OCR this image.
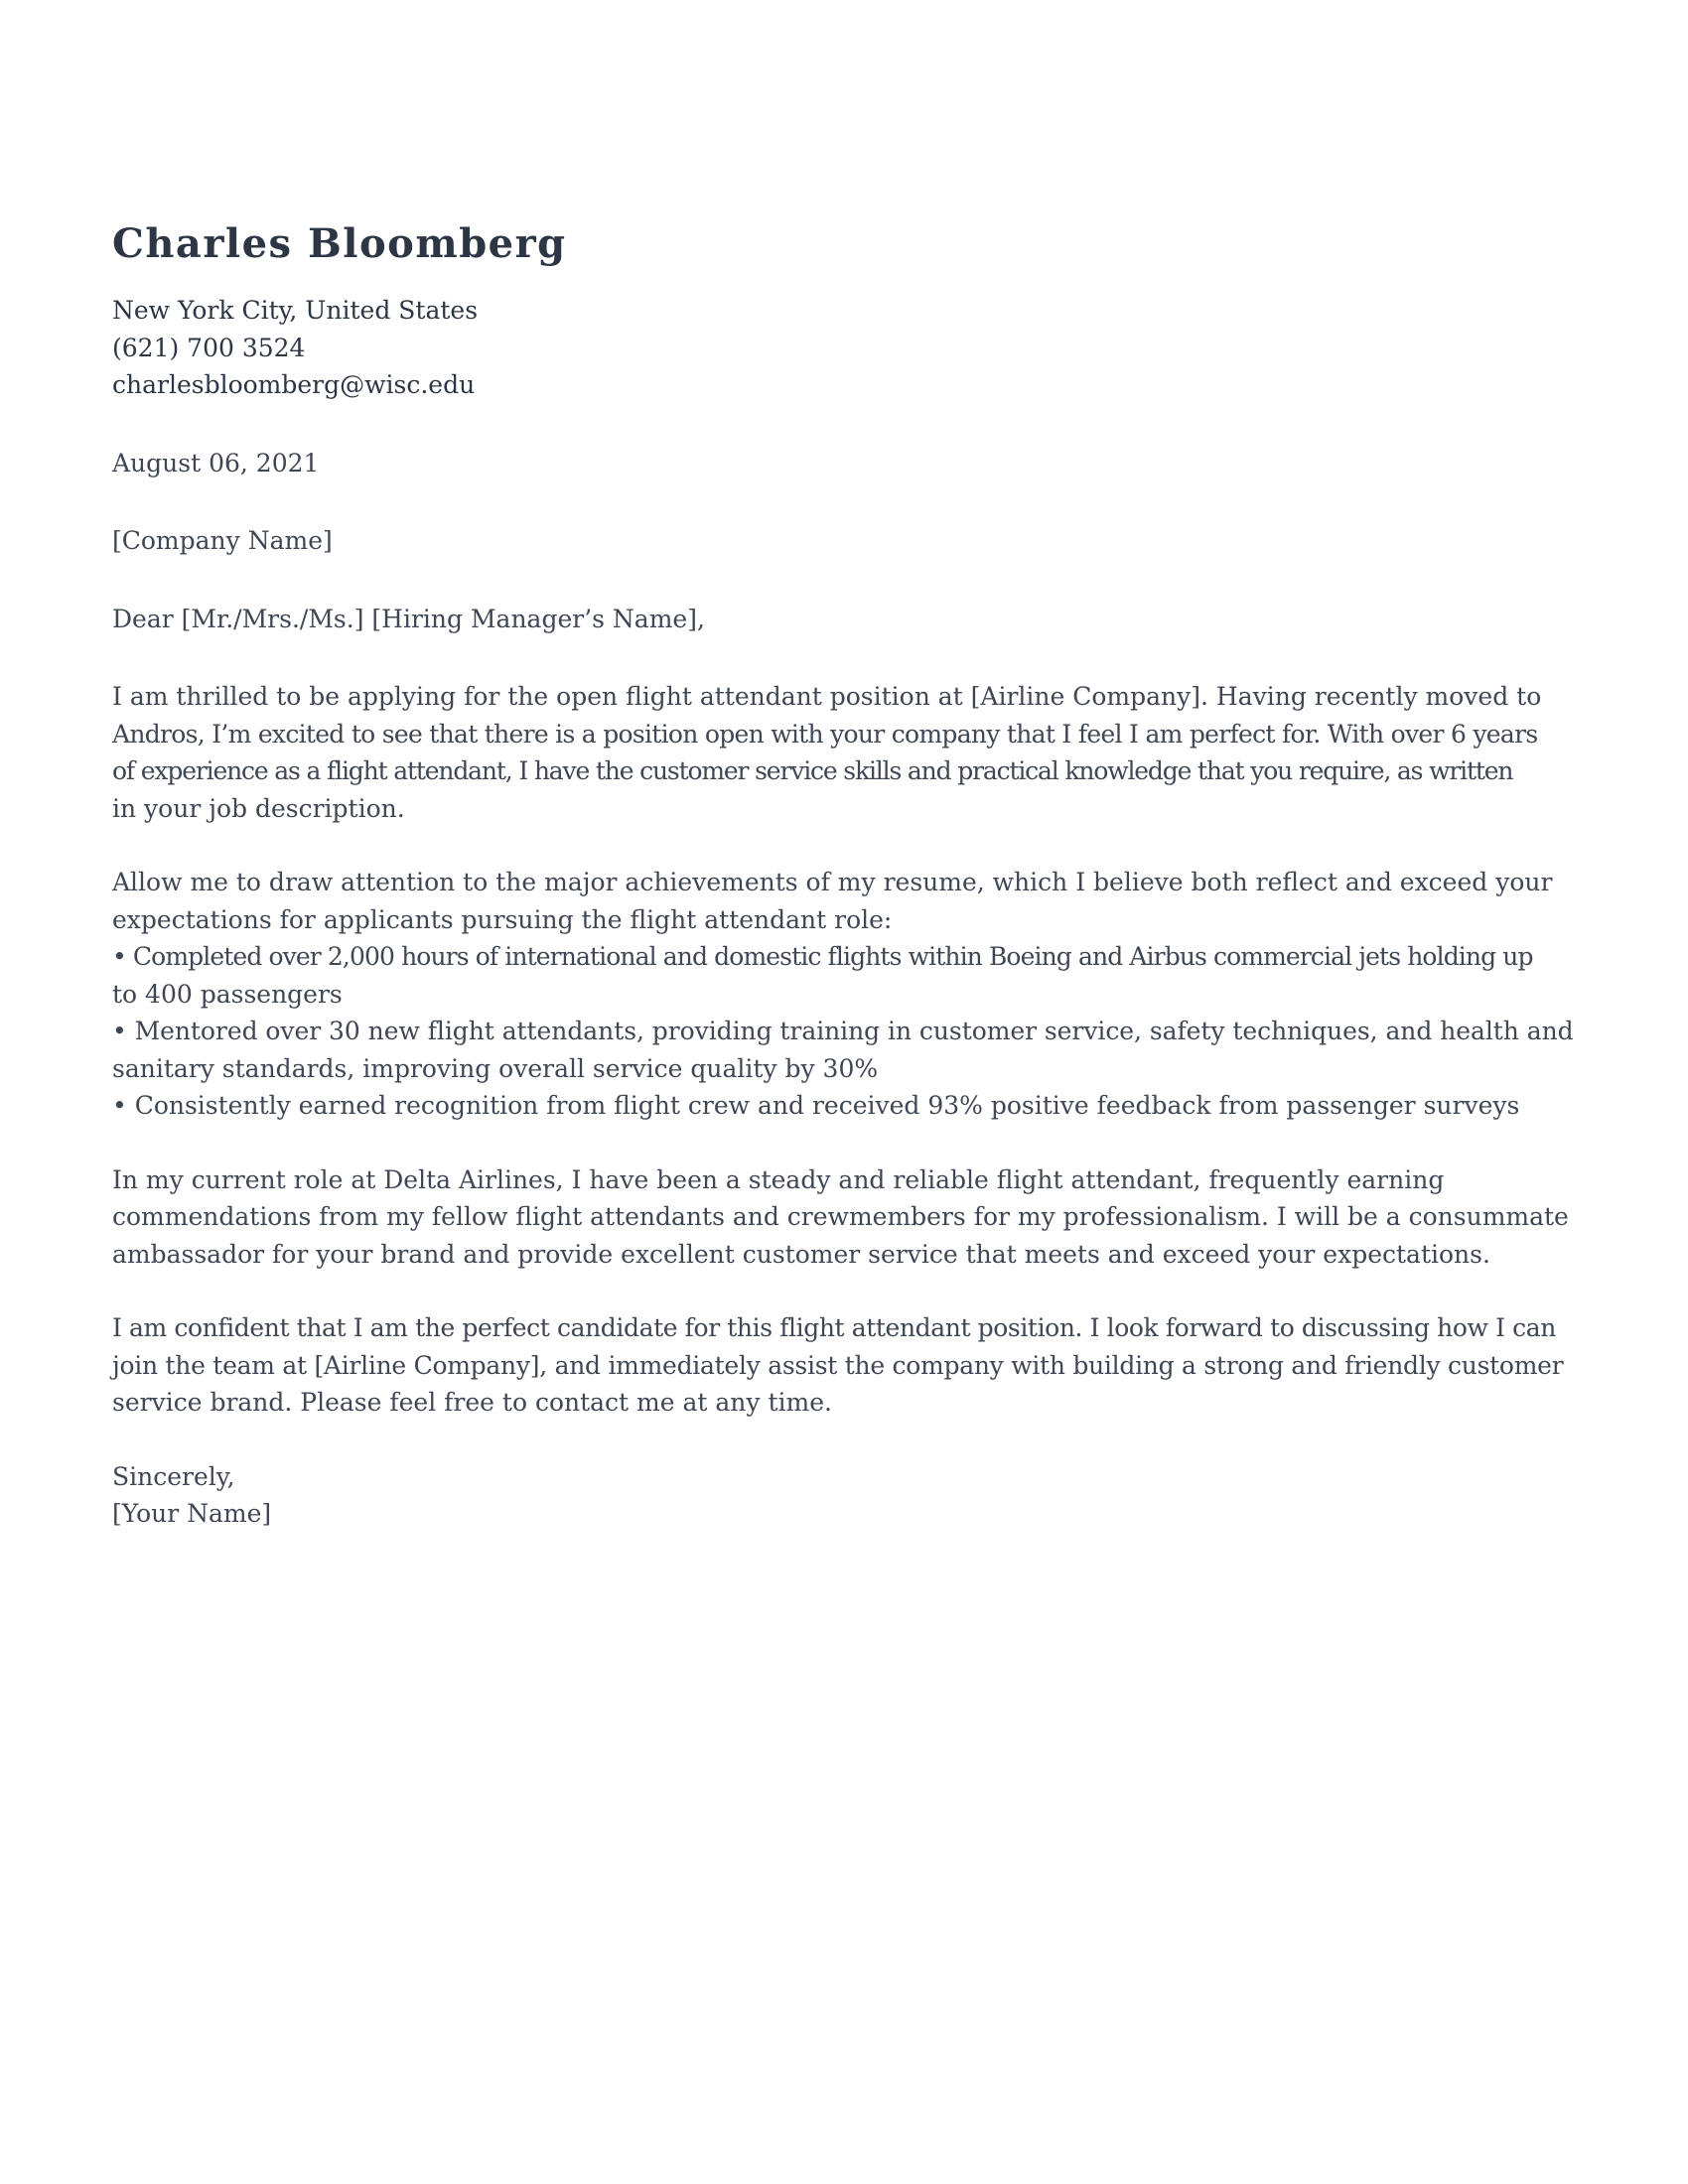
Charles Bloomberg
New York City, United States
(621) 700 3524
charlesbloomberg@wisc.edu
August 06, 2021
[Company Name]
Dear [Mr./Mrs./Ms.] [Hiring Manager’s Name],
I am thrilled to be applying for the open flight attendant position at [Airline Company]. Having recently moved to
Andros, I’m excited to see that there is a position open with your company that I feel I am perfect for. With over 6 years
of experience as a flight attendant, I have the customer service skills and practical knowledge that you require, as written
in your job description.
Allow me to draw attention to the major achievements of my resume, which I believe both reflect and exceed your
expectations for applicants pursuing the flight attendant role:
• Completed over 2,000 hours of international and domestic flights within Boeing and Airbus commercial jets holding up
to 400 passengers
• Mentored over 30 new flight attendants, providing training in customer service, safety techniques, and health and
sanitary standards, improving overall service quality by 30%
• Consistently earned recognition from flight crew and received 93% positive feedback from passenger surveys
In my current role at Delta Airlines, I have been a steady and reliable flight attendant, frequently earning
commendations from my fellow flight attendants and crewmembers for my professionalism. I will be a consummate
ambassador for your brand and provide excellent customer service that meets and exceed your expectations.
I am confident that I am the perfect candidate for this flight attendant position. I look forward to discussing how I can
join the team at [Airline Company], and immediately assist the company with building a strong and friendly customer
service brand. Please feel free to contact me at any time.
Sincerely,
[Your Name]
